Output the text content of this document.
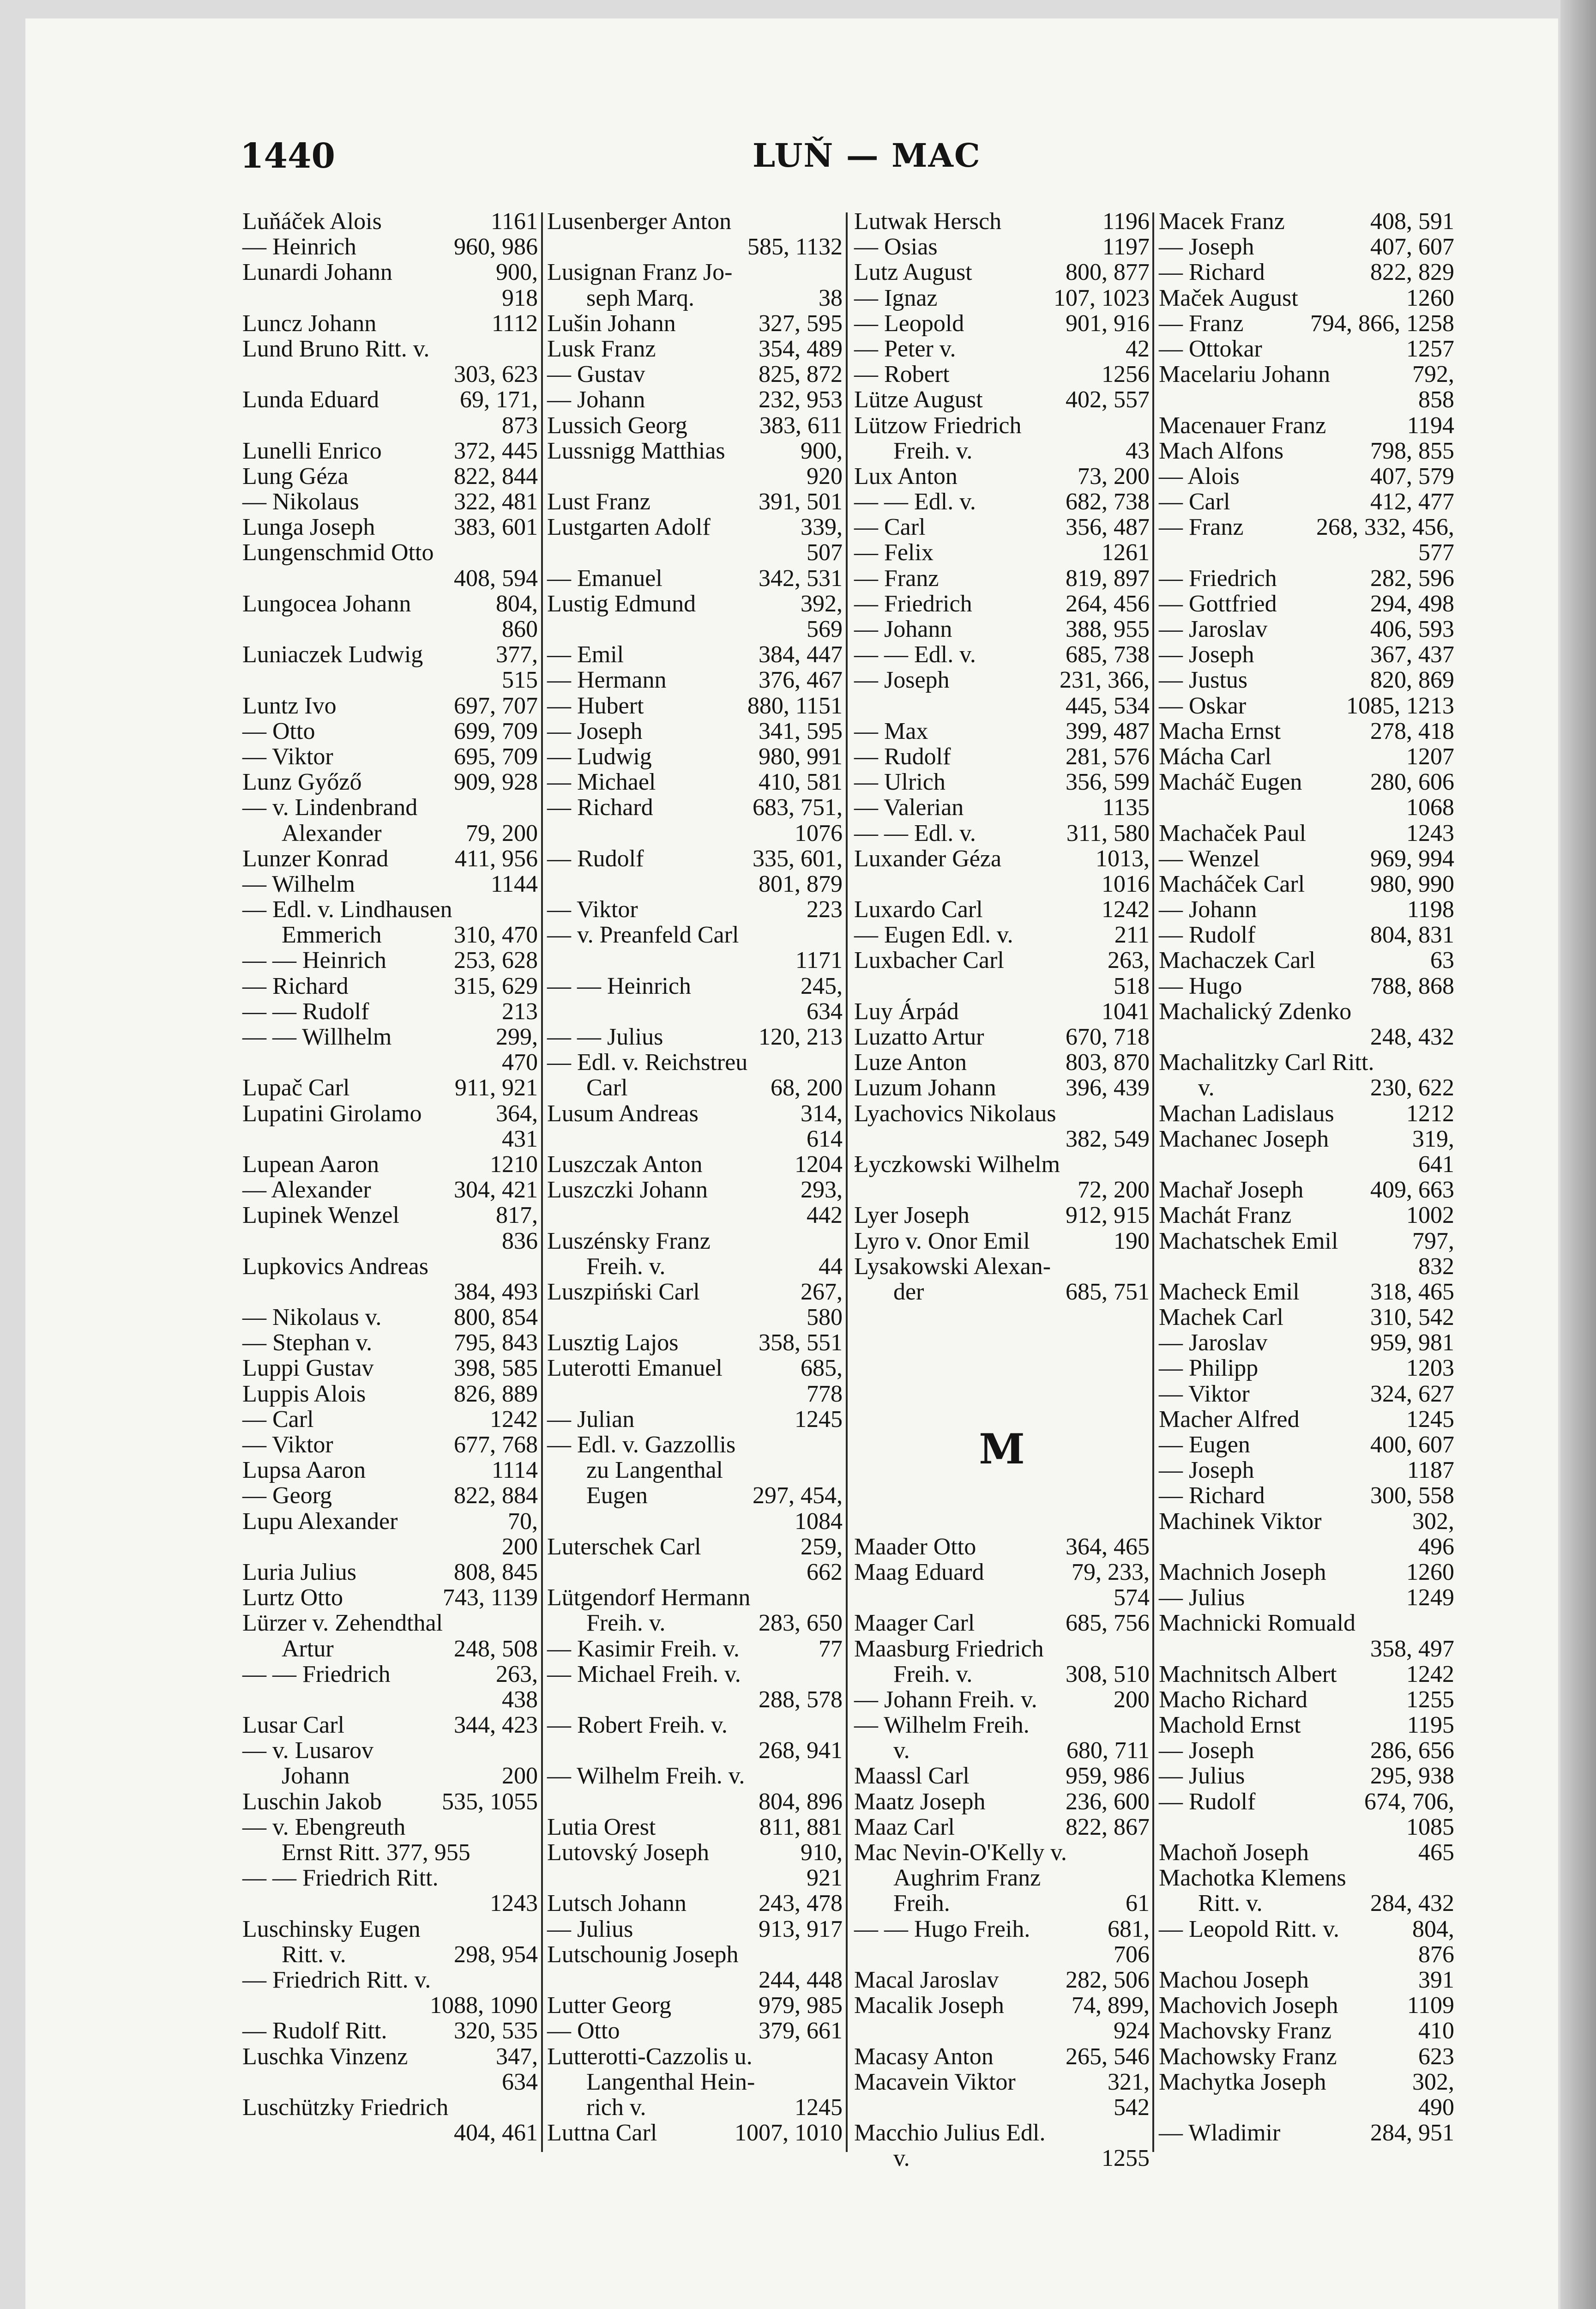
1440	LUŇ — MAC
Luňáček Alois	1161
— Heinrich	960, 986
Lunardi Johann	900,
918
Luncz Johann	1112
Lund Bruno Ritt. v.
303, 623
Lunda Eduard	69, 171,
873
Lunelli Enrico	372, 445
Lung Géza	822, 844
— Nikolaus	322, 481
Lunga Joseph	383, 601
Lungenschmid Otto
408, 594
Lungocea Johann	804,
860
Luniaczek Ludwig	377,
515
Luntz Ivo	697, 707
— Otto	699, 709
— Viktor	695, 709
Lunz Győző	909, 928
— v. Lindenbrand
Alexander	79, 200
Lunzer Konrad	411, 956
— Wilhelm	1144
— Edl. v. Lindhausen
Emmerich	310, 470
— — Heinrich	253, 628
— Richard	315, 629
— — Rudolf	213
— — Willhelm	299,
470
Lupač Carl	911, 921
Lupatini Girolamo	364,
431
Lupean Aaron	1210
— Alexander	304, 421
Lupinek Wenzel	817,
836
Lupkovics Andreas
384, 493
— Nikolaus v.	800, 854
— Stephan v.	795, 843
Luppi Gustav	398, 585
Luppis Alois	826, 889
— Carl	1242
— Viktor	677, 768
Lupsa Aaron	1114
— Georg	822, 884
Lupu Alexander	70,
200
Luria Julius	808, 845
Lurtz Otto	743, 1139
Lürzer v. Zehendthal
Artur	248, 508
— — Friedrich	263,
438
Lusar Carl	344, 423
— v. Lusarov
Johann	200
Luschin Jakob	535, 1055
— v. Ebengreuth
Ernst Ritt. 377, 955
— — Friedrich Ritt.
1243
Luschinsky Eugen
Ritt. v.	298, 954
— Friedrich Ritt. v.
1088, 1090
— Rudolf Ritt.	320, 535
Luschka Vinzenz	347,
634
Luschützky Friedrich
404, 461
Lusenberger Anton
585, 1132
Lusignan Franz Jo-
seph Marq.	38
Lušin Johann	327, 595
Lusk Franz	354, 489
— Gustav	825, 872
— Johann	232, 953
Lussich Georg	383, 611
Lussnigg Matthias	900,
920
Lust Franz	391, 501
Lustgarten Adolf	339,
507
— Emanuel	342, 531
Lustig Edmund	392,
569
— Emil	384, 447
— Hermann	376, 467
— Hubert	880, 1151
— Joseph	341, 595
— Ludwig	980, 991
— Michael	410, 581
— Richard	683, 751,
1076
— Rudolf	335, 601,
801, 879
— Viktor	223
— v. Preanfeld Carl
1171
— — Heinrich	245,
634
— — Julius	120, 213
— Edl. v. Reichstreu
Carl	68, 200
Lusum Andreas	314,
614
Luszczak Anton	1204
Luszczki Johann	293,
442
Luszénsky Franz
Freih. v.	44
Luszpiński Carl	267,
580
Lusztig Lajos	358, 551
Luterotti Emanuel	685,
778
— Julian	1245
— Edl. v. Gazzollis
zu Langenthal
Eugen	297, 454,
1084
Luterschek Carl	259,
662
Lütgendorf Hermann
Freih. v.	283, 650
— Kasimir Freih. v.	77
— Michael Freih. v.
288, 578
— Robert Freih. v.
268, 941
— Wilhelm Freih. v.
804, 896
Lutia Orest	811, 881
Lutovský Joseph	910,
921
Lutsch Johann	243, 478
— Julius	913, 917
Lutschounig Joseph
244, 448
Lutter Georg	979, 985
— Otto	379, 661
Lutterotti-Cazzolis u.
Langenthal Hein-
rich v.	1245
Luttna Carl	1007, 1010
Lutwak Hersch	1196
— Osias	1197
Lutz August	800, 877
— Ignaz	107, 1023
— Leopold	901, 916
— Peter v.	42
— Robert	1256
Lütze August	402, 557
Lützow Friedrich
Freih. v.	43
Lux Anton	73, 200
— — Edl. v.	682, 738
— Carl	356, 487
— Felix	1261
— Franz	819, 897
— Friedrich	264, 456
— Johann	388, 955
— — Edl. v.	685, 738
— Joseph	231, 366,
445, 534
— Max	399, 487
— Rudolf	281, 576
— Ulrich	356, 599
— Valerian	1135
— — Edl. v.	311, 580
Luxander Géza	1013,
1016
Luxardo Carl	1242
— Eugen Edl. v.	211
Luxbacher Carl	263,
518
Luy Árpád	1041
Luzatto Artur	670, 718
Luze Anton	803, 870
Luzum Johann	396, 439
Lyachovics Nikolaus
382, 549
Łyczkowski Wilhelm
72, 200
Lyer Joseph	912, 915
Lyro v. Onor Emil	190
Lysakowski Alexan-
der	685, 751
M
Maader Otto	364, 465
Maag Eduard	79, 233,
574
Maager Carl	685, 756
Maasburg Friedrich
Freih. v.	308, 510
— Johann Freih. v.	200
— Wilhelm Freih.
v.	680, 711
Maassl Carl	959, 986
Maatz Joseph	236, 600
Maaz Carl	822, 867
Mac Nevin-O'Kelly v.
Aughrim Franz
Freih.	61
— — Hugo Freih.	681,
706
Macal Jaroslav	282, 506
Macalik Joseph	74, 899,
924
Macasy Anton	265, 546
Macavein Viktor	321,
542
Macchio Julius Edl.
v.	1255
Macek Franz	408, 591
— Joseph	407, 607
— Richard	822, 829
Maček August	1260
— Franz	794, 866, 1258
— Ottokar	1257
Macelariu Johann	792,
858
Macenauer Franz	1194
Mach Alfons	798, 855
— Alois	407, 579
— Carl	412, 477
— Franz	268, 332, 456,
577
— Friedrich	282, 596
— Gottfried	294, 498
— Jaroslav	406, 593
— Joseph	367, 437
— Justus	820, 869
— Oskar	1085, 1213
Macha Ernst	278, 418
Mácha Carl	1207
Macháč Eugen	280, 606
1068
Machaček Paul	1243
— Wenzel	969, 994
Macháček Carl	980, 990
— Johann	1198
— Rudolf	804, 831
Machaczek Carl	63
— Hugo	788, 868
Machalický Zdenko
248, 432
Machalitzky Carl Ritt.
v.	230, 622
Machan Ladislaus	1212
Machanec Joseph	319,
641
Machař Joseph	409, 663
Machát Franz	1002
Machatschek Emil	797,
832
Macheck Emil	318, 465
Machek Carl	310, 542
— Jaroslav	959, 981
— Philipp	1203
— Viktor	324, 627
Macher Alfred	1245
— Eugen	400, 607
— Joseph	1187
— Richard	300, 558
Machinek Viktor	302,
496
Machnich Joseph	1260
— Julius	1249
Machnicki Romuald
358, 497
Machnitsch Albert	1242
Macho Richard	1255
Machold Ernst	1195
— Joseph	286, 656
— Julius	295, 938
— Rudolf	674, 706,
1085
Machoň Joseph	465
Machotka Klemens
Ritt. v.	284, 432
— Leopold Ritt. v.	804,
876
Machou Joseph	391
Machovich Joseph	1109
Machovsky Franz	410
Machowsky Franz	623
Machytka Joseph	302,
490
— Wladimir	284, 951
